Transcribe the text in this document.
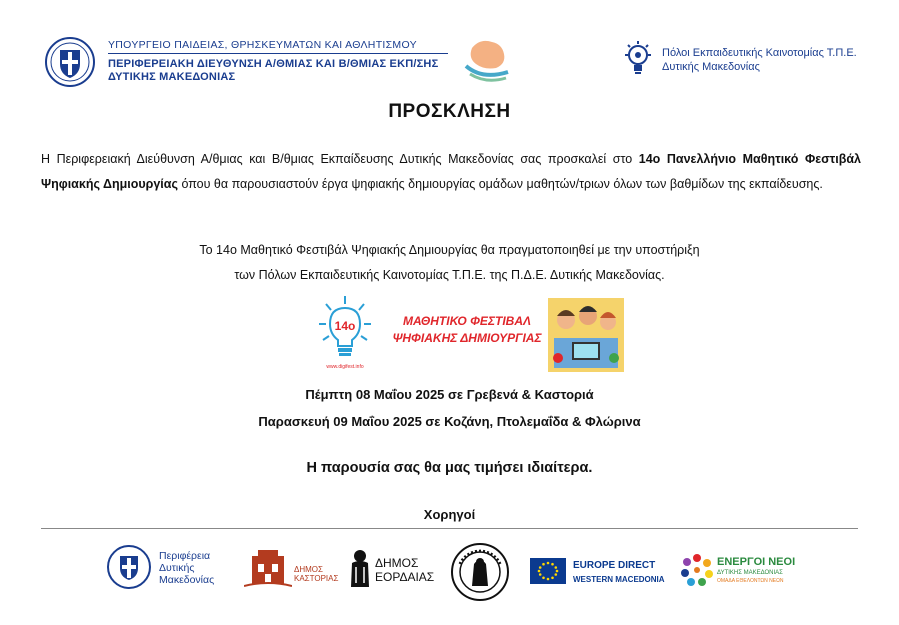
ΥΠΟΥΡΓΕΙΟ ΠΑΙΔΕΙΑΣ, ΘΡΗΣΚΕΥΜΑΤΩΝ ΚΑΙ ΑΘΛΗΤΙΣΜΟΥ
ΠΕΡΙΦΕΡΕΙΑΚΗ ΔΙΕΥΘΥΝΣΗ Α/ΘΜΙΑΣ ΚΑΙ Β/ΘΜΙΑΣ ΕΚΠ/ΣΗΣ
ΔΥΤΙΚΗΣ ΜΑΚΕΔΟΝΙΑΣ
Πόλοι Εκπαιδευτικής Καινοτομίας Τ.Π.Ε.
Δυτικής Μακεδονίας
ΠΡΟΣΚΛΗΣΗ
Η Περιφερειακή Διεύθυνση Α/θμιας και Β/θμιας Εκπαίδευσης Δυτικής Μακεδονίας σας προσκαλεί στο 14ο Πανελλήνιο Μαθητικό Φεστιβάλ Ψηφιακής Δημιουργίας όπου θα παρουσιαστούν έργα ψηφιακής δημιουργίας ομάδων μαθητών/τριων όλων των βαθμίδων της εκπαίδευσης.
Το 14ο Μαθητικό Φεστιβάλ Ψηφιακής Δημιουργίας θα πραγματοποιηθεί με την υποστήριξη
των Πόλων Εκπαιδευτικής Καινοτομίας Τ.Π.Ε. της Π.Δ.Ε. Δυτικής Μακεδονίας.
14ο
www.digifest.info
ΜΑΘΗΤΙΚΟ ΦΕΣΤΙΒΑΛ
ΨΗΦΙΑΚΗΣ ΔΗΜΙΟΥΡΓΙΑΣ
Πέμπτη 08 Μαΐου 2025 σε Γρεβενά & Καστοριά
Παρασκευή 09 Μαΐου 2025 σε Κοζάνη, Πτολεμαΐδα & Φλώρινα
Η παρουσία σας θα μας τιμήσει ιδιαίτερα.
Χορηγοί
Περιφέρεια
Δυτικής
Μακεδονίας
ΔΗΜΟΣ
ΚΑΣΤΟΡΙΑΣ
ΔΗΜΟΣ
ΕΟΡΔΑΙΑΣ
EUROPE DIRECT
WESTERN MACEDONIA
ΕΝΕΡΓΟΙ ΝΕΟΙ
ΔΥΤΙΚΗΣ ΜΑΚΕΔΟΝΙΑΣ
ΟΜΑΔΑ ΕΘΕΛΟΝΤΩΝ ΝΕΩΝ
